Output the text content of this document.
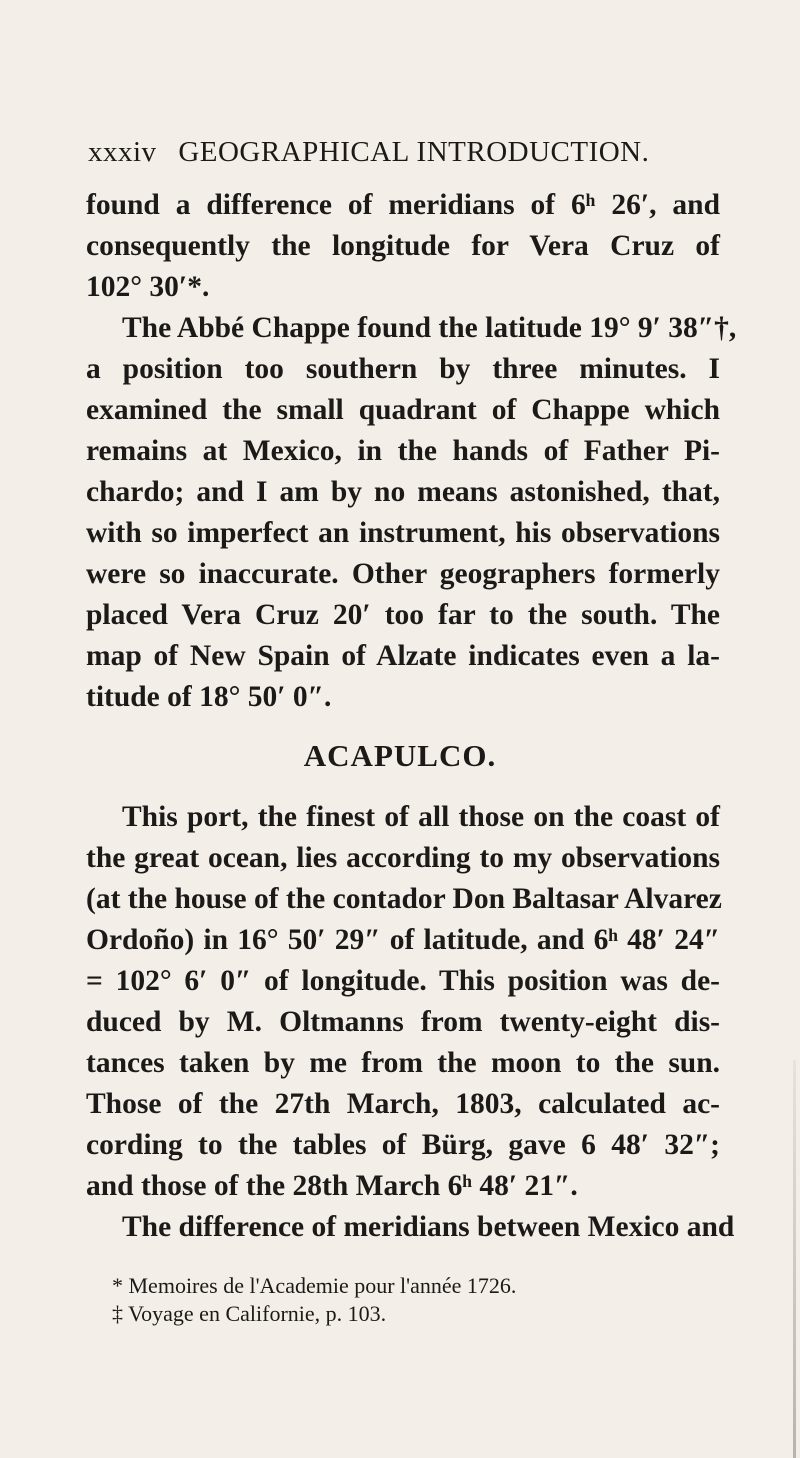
xxxiv GEOGRAPHICAL INTRODUCTION.
found a difference of meridians of 6ʰ 26′, and
consequently the longitude for Vera Cruz of
102° 30′*.
The Abbé Chappe found the latitude 19° 9′ 38″†,
a position too southern by three minutes. I
examined the small quadrant of Chappe which
remains at Mexico, in the hands of Father Pi-
chardo; and I am by no means astonished, that,
with so imperfect an instrument, his observations
were so inaccurate. Other geographers formerly
placed Vera Cruz 20′ too far to the south. The
map of New Spain of Alzate indicates even a la-
titude of 18° 50′ 0″.
ACAPULCO.
This port, the finest of all those on the coast of
the great ocean, lies according to my observations
(at the house of the contador Don Baltasar Alvarez
Ordoño) in 16° 50′ 29″ of latitude, and 6ʰ 48′ 24″
= 102° 6′ 0″ of longitude. This position was de-
duced by M. Oltmanns from twenty-eight dis-
tances taken by me from the moon to the sun.
Those of the 27th March, 1803, calculated ac-
cording to the tables of Bürg, gave 6 48′ 32″;
and those of the 28th March 6ʰ 48′ 21″.
The difference of meridians between Mexico and
* Memoires de l'Academie pour l'année 1726.
‡ Voyage en Californie, p. 103.
